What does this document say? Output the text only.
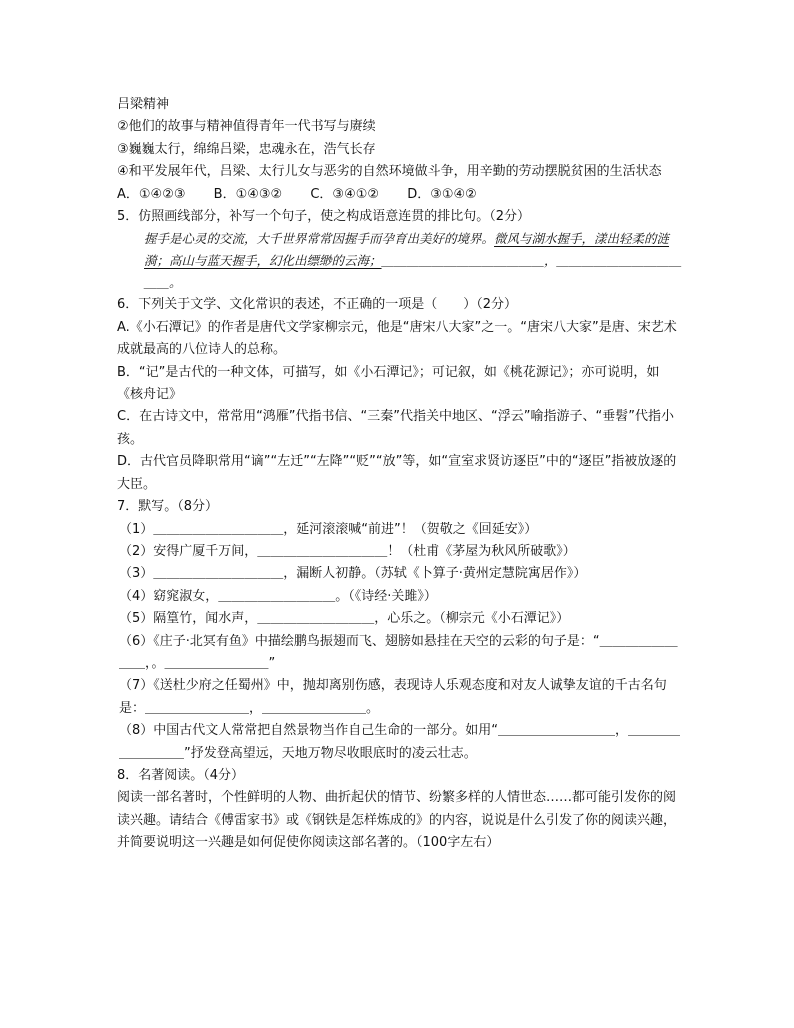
吕梁精神
②他们的故事与精神值得青年一代书写与赓续
③巍巍太行，绵绵吕梁，忠魂永在，浩气长存
④和平发展年代，吕梁、太行儿女与恶劣的自然环境做斗争，用辛勤的劳动摆脱贫困的生活状态
A．①④②③ B．①④③② C．③④①② D．③①④②
5．仿照画线部分，补写一个句子，使之构成语意连贯的排比句。（2分）
握手是心灵的交流，大千世界常常因握手而孕育出美好的境界。微风与湖水握手，漾出轻柔的涟漪；高山与蓝天握手，幻化出缥缈的云海；＿＿＿＿＿＿＿＿＿＿＿＿＿，＿＿＿＿＿＿＿＿＿＿＿＿。
6．下列关于文学、文化常识的表述，不正确的一项是（　　）（2分）
A.《小石潭记》的作者是唐代文学家柳宗元，他是“唐宋八大家”之一。“唐宋八大家”是唐、宋艺术成就最高的八位诗人的总称。
B．“记”是古代的一种文体，可描写，如《小石潭记》；可记叙，如《桃花源记》；亦可说明，如《核舟记》
C．在古诗文中，常常用“鸿雁”代指书信、“三秦”代指关中地区、“浮云”喻指游子、“垂髫”代指小孩。
D．古代官员降职常用“谪”“左迁”“左降”“贬”“放”等，如“宣室求贤访逐臣”中的“逐臣”指被放逐的大臣。
7．默写。（8分）
（1）＿＿＿＿＿＿＿＿＿＿，延河滚滚喊“前进”！（贺敬之《回延安》）
（2）安得广厦千万间，＿＿＿＿＿＿＿＿＿＿！（杜甫《茅屋为秋风所破歌》）
（3）＿＿＿＿＿＿＿＿＿＿，漏断人初静。（苏轼《卜算子·黄州定慧院寓居作》）
（4）窈窕淑女，＿＿＿＿＿＿＿＿＿。（《诗经·关雎》）
（5）隔篁竹，闻水声，＿＿＿＿＿＿＿＿＿，心乐之。（柳宗元《小石潭记》）
（6）《庄子·北冥有鱼》中描绘鹏鸟振翅而飞、翅膀如悬挂在天空的云彩的句子是：“＿＿＿＿＿＿＿＿，。＿＿＿＿＿＿＿＿”
（7）《送杜少府之任蜀州》中，抛却离别伤感，表现诗人乐观态度和对友人诚挚友谊的千古名句是：＿＿＿＿＿＿＿＿，＿＿＿＿＿＿＿＿。
（8）中国古代文人常常把自然景物当作自己生命的一部分。如用“＿＿＿＿＿＿＿＿＿，＿＿＿＿＿＿＿＿＿”抒发登高望远，天地万物尽收眼底时的凌云壮志。
8．名著阅读。（4分）
阅读一部名著时，个性鲜明的人物、曲折起伏的情节、纷繁多样的人情世态……都可能引发你的阅读兴趣。请结合《傅雷家书》或《钢铁是怎样炼成的》的内容，说说是什么引发了你的阅读兴趣，并简要说明这一兴趣是如何促使你阅读这部名著的。（100字左右）
